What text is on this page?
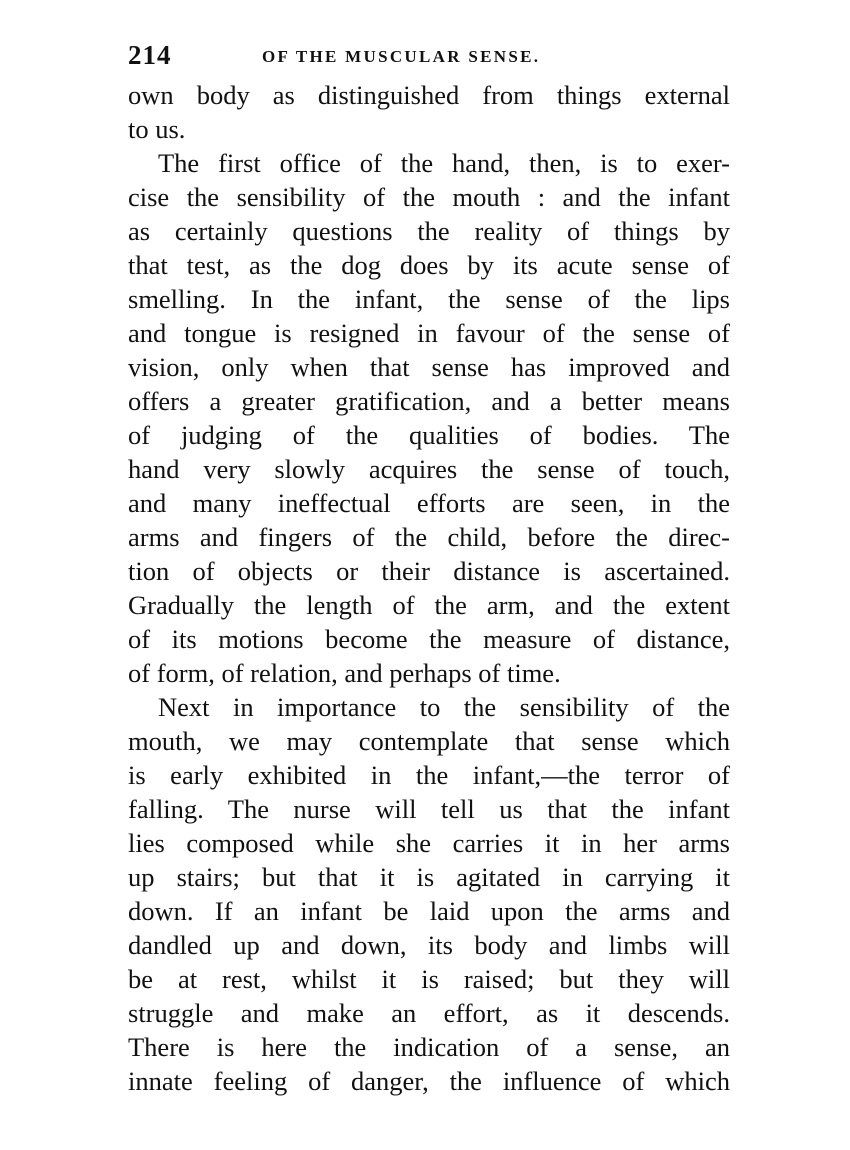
214	OF THE MUSCULAR SENSE.
own body as distinguished from things external
to us.
The first office of the hand, then, is to exer-
cise the sensibility of the mouth : and the infant
as certainly questions the reality of things by
that test, as the dog does by its acute sense of
smelling. In the infant, the sense of the lips
and tongue is resigned in favour of the sense of
vision, only when that sense has improved and
offers a greater gratification, and a better means
of judging of the qualities of bodies. The
hand very slowly acquires the sense of touch,
and many ineffectual efforts are seen, in the
arms and fingers of the child, before the direc-
tion of objects or their distance is ascertained.
Gradually the length of the arm, and the extent
of its motions become the measure of distance,
of form, of relation, and perhaps of time.
Next in importance to the sensibility of the
mouth, we may contemplate that sense which
is early exhibited in the infant,—the terror of
falling. The nurse will tell us that the infant
lies composed while she carries it in her arms
up stairs; but that it is agitated in carrying it
down. If an infant be laid upon the arms and
dandled up and down, its body and limbs will
be at rest, whilst it is raised; but they will
struggle and make an effort, as it descends.
There is here the indication of a sense, an
innate feeling of danger, the influence of which
